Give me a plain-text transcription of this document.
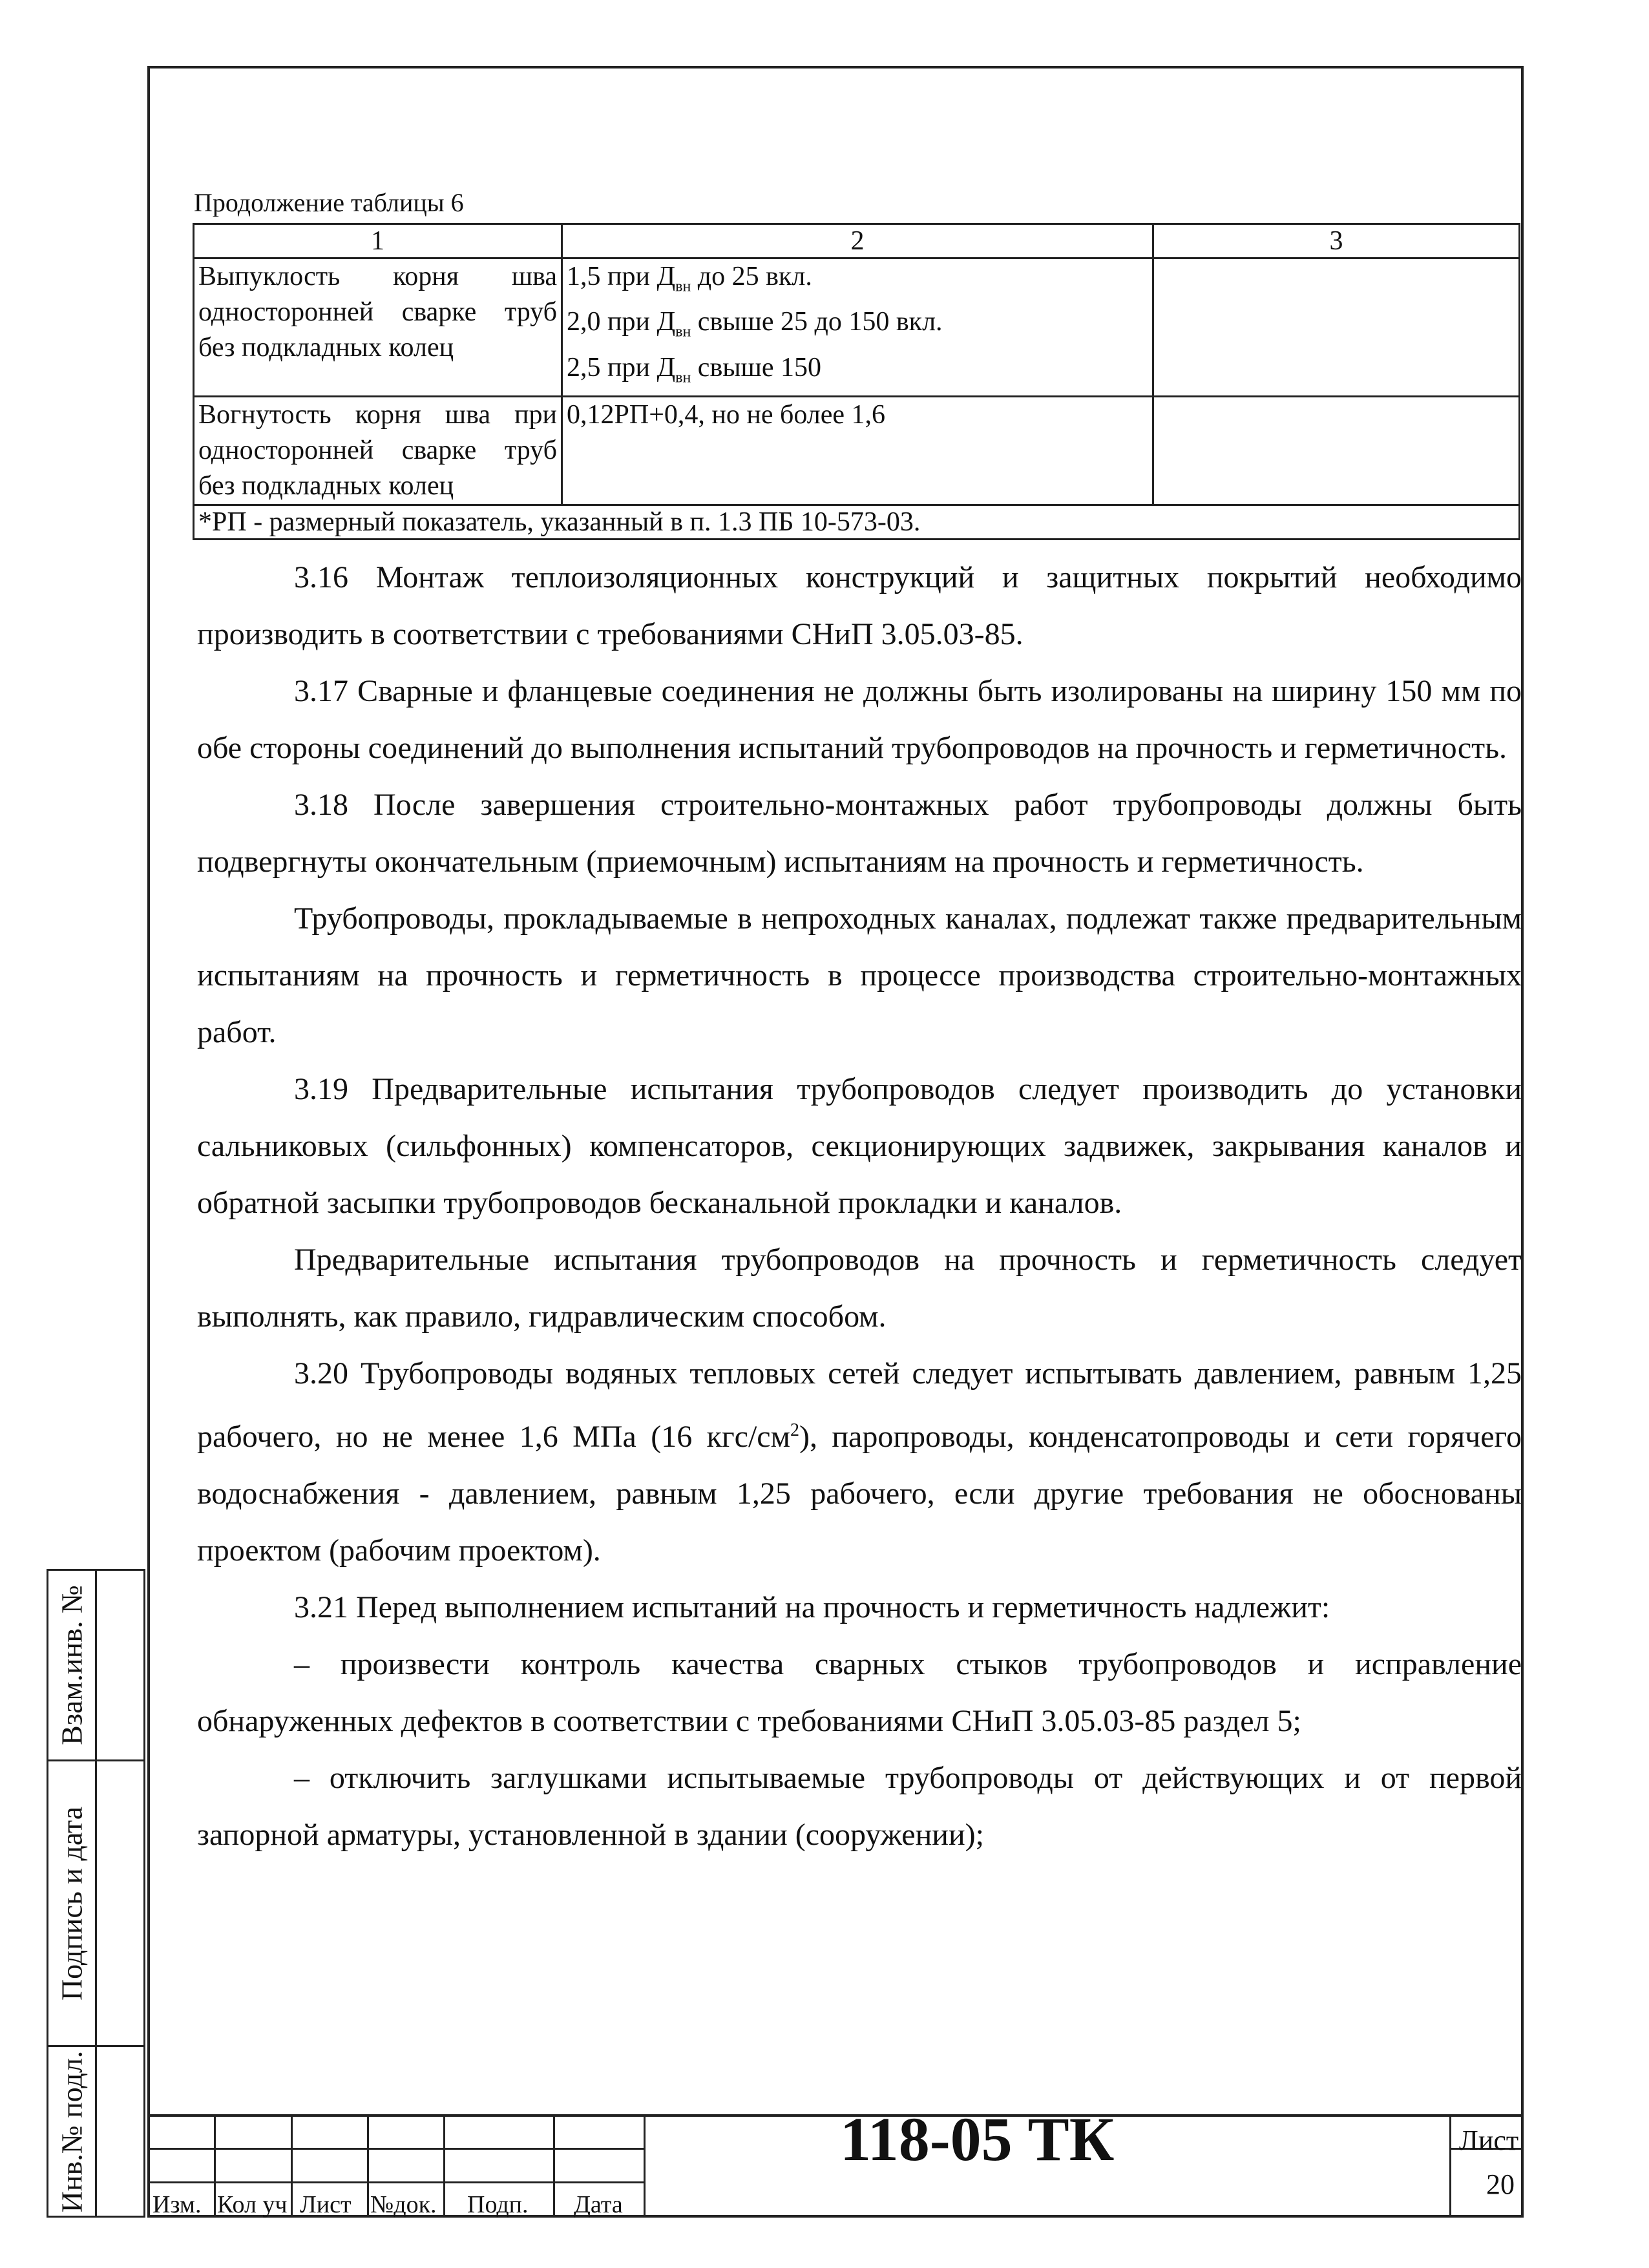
Взам.инв. №
Подпись и дата
Инв.№ подл.
Продолжение таблицы 6
1	2	3
Выпуклость корня шва односторонней сварке труб без подкладных колец	1,5 при $Д_{вн}$ до 25 вкл.
2,0 при $Д_{вн}$ свыше 25 до 150 вкл.
2,5 при $Д_{вн}$ свыше 150	

Вогнутость корня шва при односторонней сварке труб без подкладных колец	0,12РП+0,4, но не более 1,6	
*РП - размерный показатель, указанный в п. 1.3 ПБ 10-573-03.		

3.16 Монтаж теплоизоляционных конструкций и защитных покрытий необходимо производить в соответствии с требованиями СНиП 3.05.03-85.

3.17 Сварные и фланцевые соединения не должны быть изолированы на ширину 150 мм по обе стороны соединений до выполнения испытаний трубопроводов на прочность и герметичность.

3.18 После завершения строительно-монтажных работ трубопроводы должны быть подвергнуты окончательным (приемочным) испытаниям на прочность и герметичность.

Трубопроводы, прокладываемые в непроходных каналах, подлежат также предварительным испытаниям на прочность и герметичность в процессе производства строительно-монтажных работ.

3.19 Предварительные испытания трубопроводов следует производить до установки сальниковых (сильфонных) компенсаторов, секционирующих задвижек, закрывания каналов и обратной засыпки трубопроводов бесканальной прокладки и каналов.

Предварительные испытания трубопроводов на прочность и герметичность следует выполнять, как правило, гидравлическим способом.

3.20 Трубопроводы водяных тепловых сетей следует испытывать давлением, равным 1,25 рабочего, но не менее 1,6 МПа (16 кгс/$см^2$), паропроводы, конденсатопроводы и сети горячего водоснабжения - давлением, равным 1,25 рабочего, если другие требования не обоснованы проектом (рабочим проектом).

3.21 Перед выполнением испытаний на прочность и герметичность надлежит:

– произвести контроль качества сварных стыков трубопроводов и исправление обнаруженных дефектов в соответствии с требованиями СНиП 3.05.03-85 раздел 5;

– отключить заглушками испытываемые трубопроводы от действующих и от первой запорной арматуры, установленной в здании (сооружении);

Изм. Кол уч Лист №док. Подп. Дата
118-05 ТК	Лист
20
